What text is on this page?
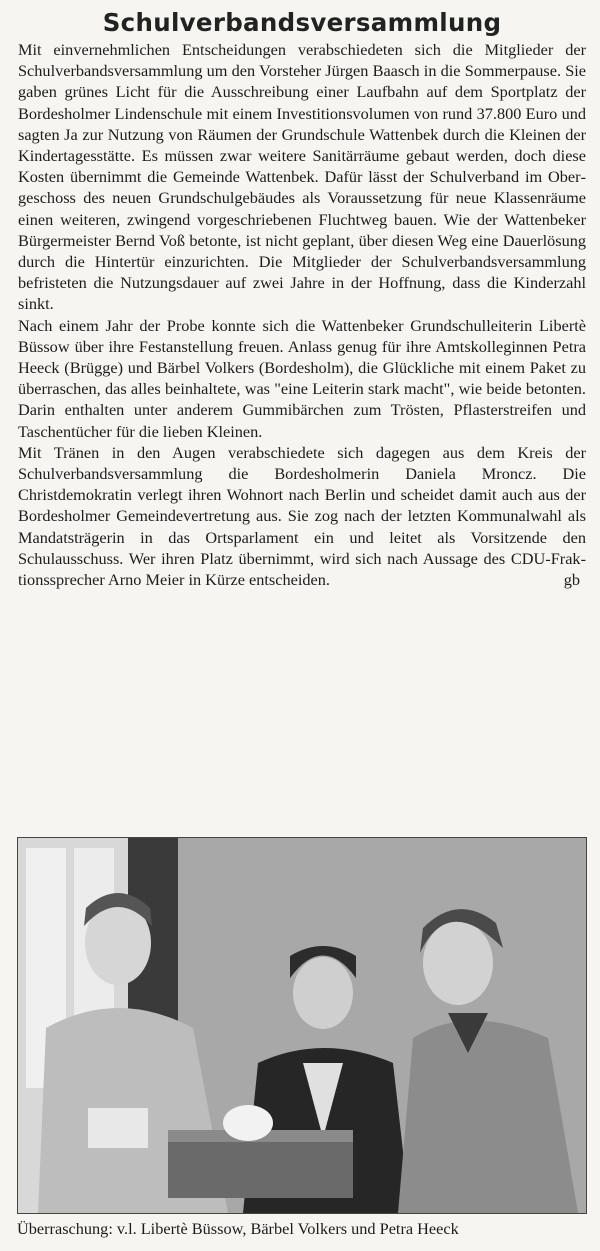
Schulverbandsversammlung

Mit einvernehmlichen Entscheidungen verabschiedeten sich die Mitglieder der Schulverbandsversammlung um den Vorsteher Jürgen Baasch in die Sommerpause. Sie gaben grünes Licht für die Ausschreibung einer Laufbahn auf dem Sportplatz der Bordesholmer Lindenschule mit einem Investitionsvolumen von rund 37.800 Euro und sagten Ja zur Nutzung von Räumen der Grundschule Wattenbek durch die Kleinen der Kindertagesstätte. Es müssen zwar weitere Sanitärräume gebaut werden, doch diese Kosten übernimmt die Gemeinde Wattenbek. Dafür lässt der Schulverband im Obergeschoss des neuen Grundschulgebäudes als Voraussetzung für neue Klassenräume einen weiteren, zwingend vorgeschriebenen Fluchtweg bauen. Wie der Wattenbeker Bürgermeister Bernd Voß betonte, ist nicht geplant, über diesen Weg eine Dauerlösung durch die Hintertür einzurichten. Die Mitglieder der Schulverbandsversammlung befristeten die Nutzungsdauer auf zwei Jahre in der Hoffnung, dass die Kinderzahl sinkt.

Nach einem Jahr der Probe konnte sich die Wattenbeker Grundschulleiterin Libertè Büssow über ihre Festanstellung freuen. Anlass genug für ihre Amtskolleginnen Petra Heeck (Brügge) und Bärbel Volkers (Bordesholm), die Glückliche mit einem Paket zu überraschen, das alles beinhaltete, was "eine Leiterin stark macht", wie beide betonten. Darin enthalten unter anderem Gummibärchen zum Trösten, Pflasterstreifen und Taschentücher für die lieben Kleinen.

Mit Tränen in den Augen verabschiedete sich dagegen aus dem Kreis der Schulverbandsversammlung die Bordesholmerin Daniela Mroncz. Die Christdemokratin verlegt ihren Wohnort nach Berlin und scheidet damit auch aus der Bordesholmer Gemeindevertretung aus. Sie zog nach der letzten Kommunalwahl als Mandatsträgerin in das Ortsparlament ein und leitet als Vorsitzende den Schulausschuss. Wer ihren Platz übernimmt, wird sich nach Aussage des CDU-Fraktionssprecher Arno Meier in Kürze entscheiden.	gb
Überraschung: v.l. Libertè Büssow, Bärbel Volkers und Petra Heeck
